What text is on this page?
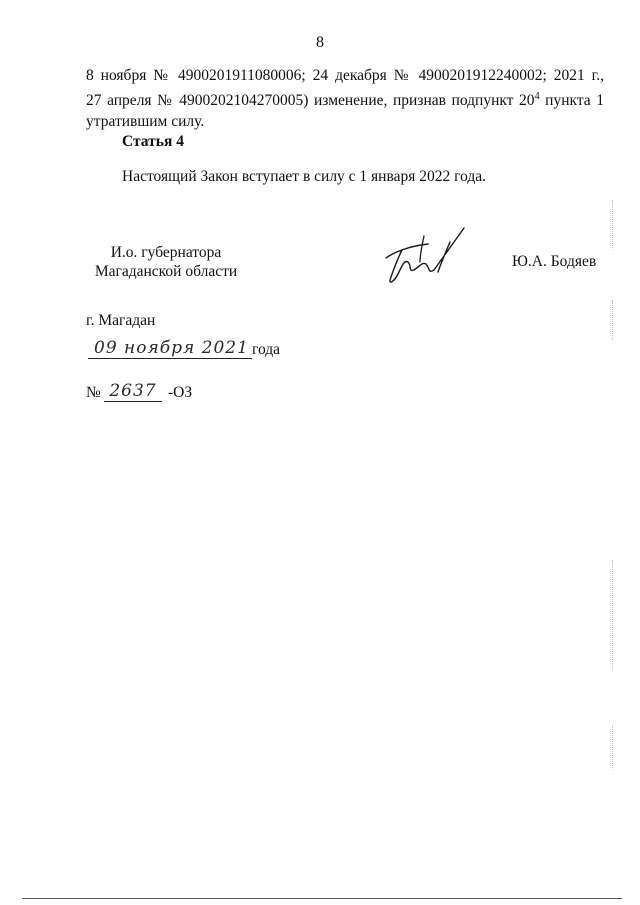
8
8 ноября № 4900201911080006; 24 декабря № 4900201912240002; 2021 г.,
27 апреля № 4900202104270005) изменение, признав подпункт $20^4$ пункта 1
утратившим силу.
Статья 4
Настоящий Закон вступает в силу с 1 января 2022 года.
И.о. губернатора
Магаданской области
Ю.А. Бодяев
г. Магадан
09 ноября 2021 года
№ 2637 -ОЗ
